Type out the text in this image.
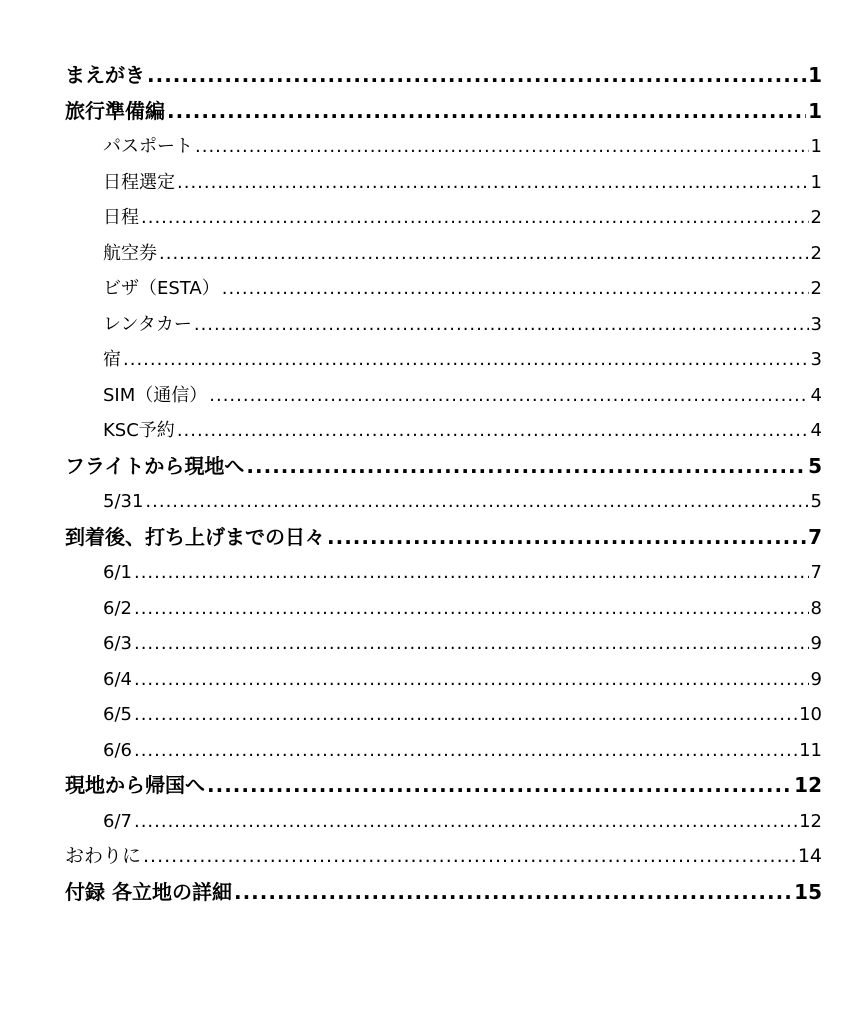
まえがき .....	1
旅行準備編 .....	1
パスポート .....	1
日程選定 .....	1
日程 .....	2
航空券 .....	2
ビザ（ESTA） .....	2
レンタカー .....	3
宿 .....	3
SIM（通信） .....	4
KSC予約 .....	4
フライトから現地へ .....	5
5/31 .....	5
到着後、打ち上げまでの日々 .....	7
6/1 .....	7
6/2 .....	8
6/3 .....	9
6/4 .....	9
6/5 .....	10
6/6 .....	11
現地から帰国へ .....	12
6/7 .....	12
おわりに .....	14
付録 各立地の詳細 .....	15
